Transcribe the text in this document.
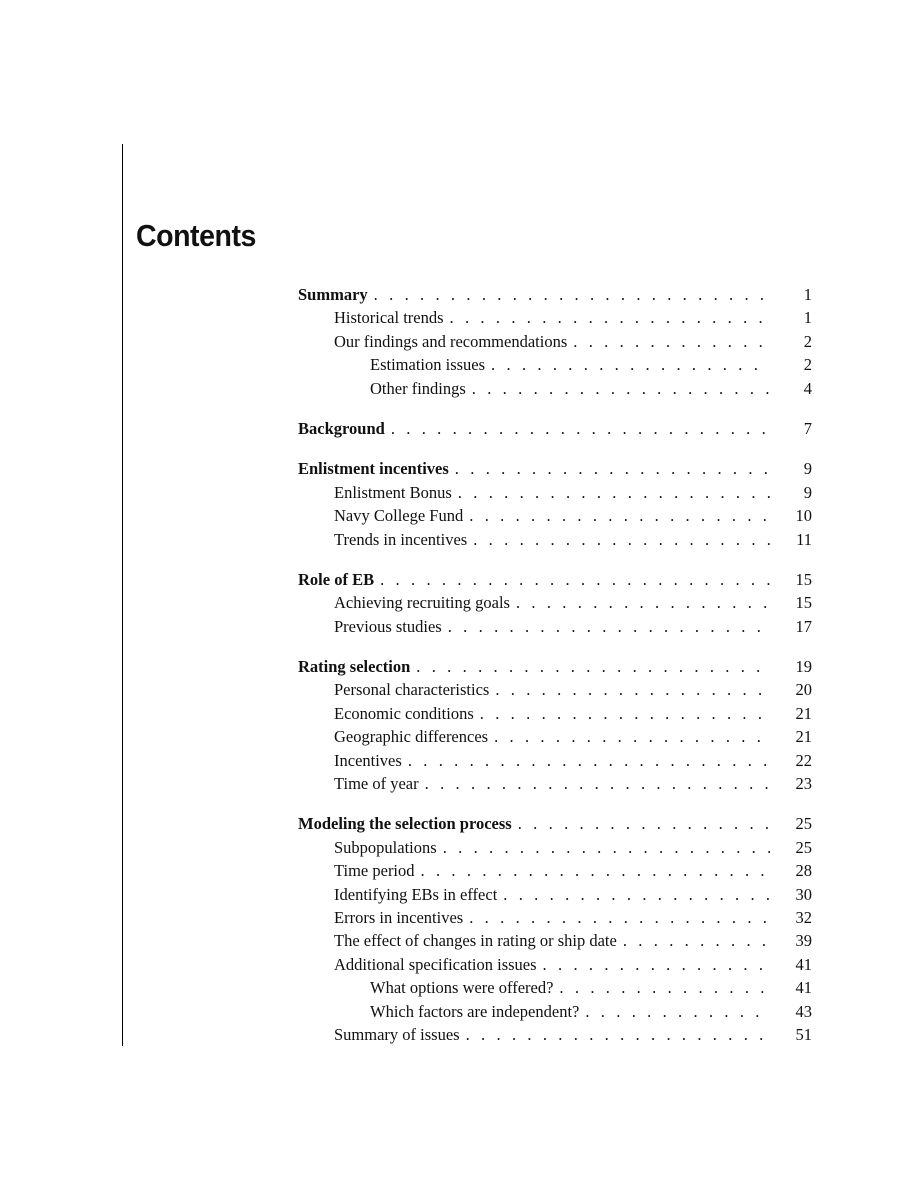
Contents
Summary . . .	1
Historical trends . . .	1
Our findings and recommendations . . .	2
Estimation issues . . .	2
Other findings . . .	4
Background . . .	7
Enlistment incentives . . .	9
Enlistment Bonus . . .	9
Navy College Fund . . .	10
Trends in incentives . . .	11
Role of EB . . .	15
Achieving recruiting goals . . .	15
Previous studies . . .	17
Rating selection . . .	19
Personal characteristics . . .	20
Economic conditions . . .	21
Geographic differences . . .	21
Incentives . . .	22
Time of year . . .	23
Modeling the selection process . . .	25
Subpopulations . . .	25
Time period . . .	28
Identifying EBs in effect . . .	30
Errors in incentives . . .	32
The effect of changes in rating or ship date . . .	39
Additional specification issues . . .	41
What options were offered? . . .	41
Which factors are independent? . . .	43
Summary of issues . . .	51
